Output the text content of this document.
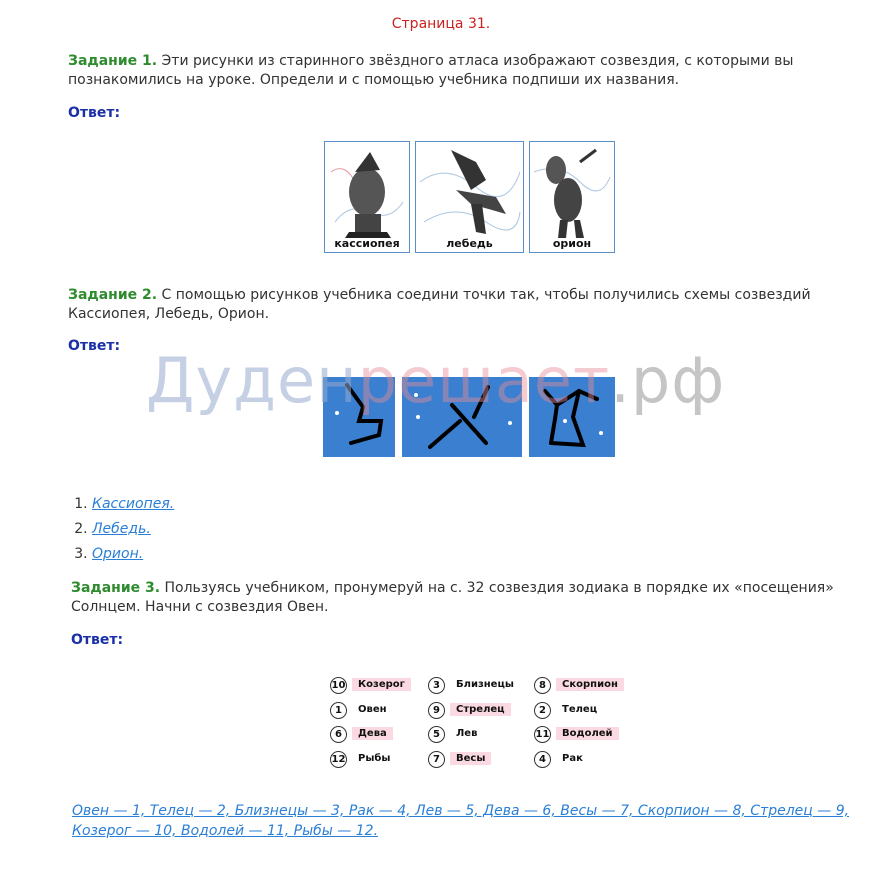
Страница 31.
Задание 1. Эти рисунки из старинного звёздного атласа изображают созвездия, с которыми вы познакомились на уроке. Определи и с помощью учебника подпиши их названия.
Ответ:
кассиопея	лебедь	орион
Задание 2. С помощью рисунков учебника соедини точки так, чтобы получились схемы созвездий Кассиопея, Лебедь, Орион.
Ответ: Дуденрешает.рф
1. Кассиопея.
2. Лебедь.
3. Орион.
Задание 3. Пользуясь учебником, пронумеруй на с. 32 созвездия зодиака в порядке их «посещения» Солнцем. Начни с созвездия Овен.
Ответ:
10	Козерог
1	Овен
6	Дева
12	Рыбы
3	Близнецы
9	Стрелец
5	Лев
7	Весы
8	Скорпион
2	Телец
11	Водолей
4	Рак
Овен — 1, Телец — 2, Близнецы — 3, Рак — 4, Лев — 5, Дева — 6, Весы — 7, Скорпион — 8, Стрелец — 9, Козерог — 10, Водолей — 11, Рыбы — 12.
